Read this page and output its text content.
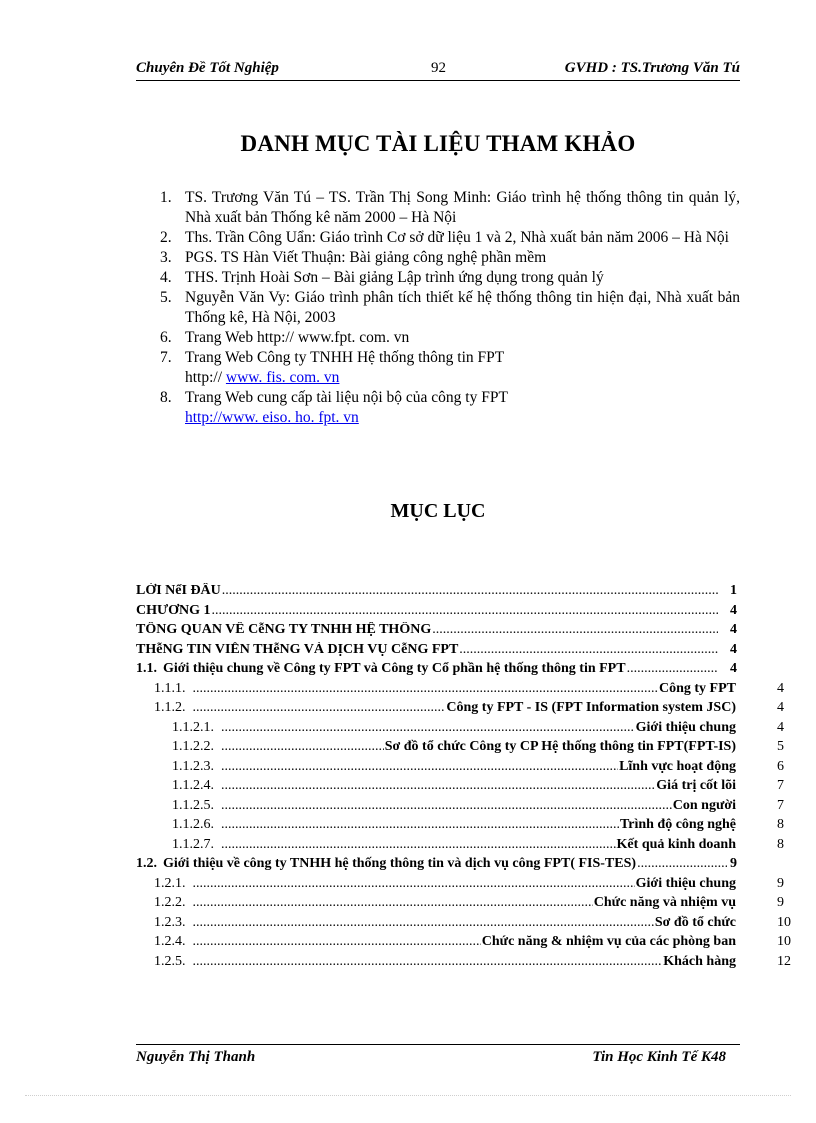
Chuyên Đề Tốt Nghiệp	92	GVHD : TS.Trương Văn Tú
DANH MỤC TÀI LIỆU THAM KHẢO
1. TS. Trương Văn Tú – TS. Trần Thị Song Minh: Giáo trình hệ thống thông tin quản lý, Nhà xuất bản Thống kê năm 2000 – Hà Nội
2. Ths. Trần Công Uẩn: Giáo trình Cơ sở dữ liệu 1 và 2, Nhà xuất bản năm 2006 – Hà Nội
3. PGS. TS Hàn Viết Thuận: Bài giảng công nghệ phần mềm
4. THS. Trịnh Hoài Sơn – Bài giảng Lập trình ứng dụng trong quản lý
5. Nguyễn Văn Vy: Giáo trình phân tích thiết kế hệ thống thông tin hiện đại, Nhà xuất bản Thống kê, Hà Nội, 2003
6. Trang Web http:// www.fpt. com. vn
7. Trang Web Công ty TNHH Hệ thống thông tin FPT
http:// www. fis. com. vn
8. Trang Web cung cấp tài liệu nội bộ của công ty FPT
http://www. eiso. ho. fpt. vn
MỤC LỤC
LỜI NểI ĐẦU .....	1
CHƯƠNG 1 .....	4
TỔNG QUAN VỀ CễNG TY TNHH HỆ THỐNG .....	4
THễNG TIN VIỄN THễNG VÀ DỊCH VỤ CễNG FPT .....	4
1.1. Giới thiệu chung về Công ty FPT và Công ty Cổ phần hệ thống thông tin FPT .....	4
1.1.1. .....	Công ty FPT	4
1.1.2. .....	Công ty FPT - IS (FPT Information system JSC)	4
1.1.2.1. .....	Giới thiệu chung	4
1.1.2.2. .....	Sơ đồ tổ chức Công ty CP Hệ thống thông tin FPT(FPT-IS)	5
1.1.2.3. .....	Lĩnh vực hoạt động	6
1.1.2.4. .....	Giá trị cốt lõi	7
1.1.2.5. .....	Con người	7
1.1.2.6. .....	Trình độ công nghệ	8
1.1.2.7. .....	Kết quả kinh doanh	8
1.2. Giới thiệu về công ty TNHH hệ thống thông tin và dịch vụ công FPT( FIS-TES) .....	9
1.2.1. .....	Giới thiệu chung	9
1.2.2. .....	Chức năng và nhiệm vụ	9
1.2.3. .....	Sơ đồ tổ chức	10
1.2.4. .....	Chức năng & nhiệm vụ của các phòng ban	10
1.2.5. .....	Khách hàng	12
Nguyễn Thị Thanh	Tin Học Kinh Tế K48
